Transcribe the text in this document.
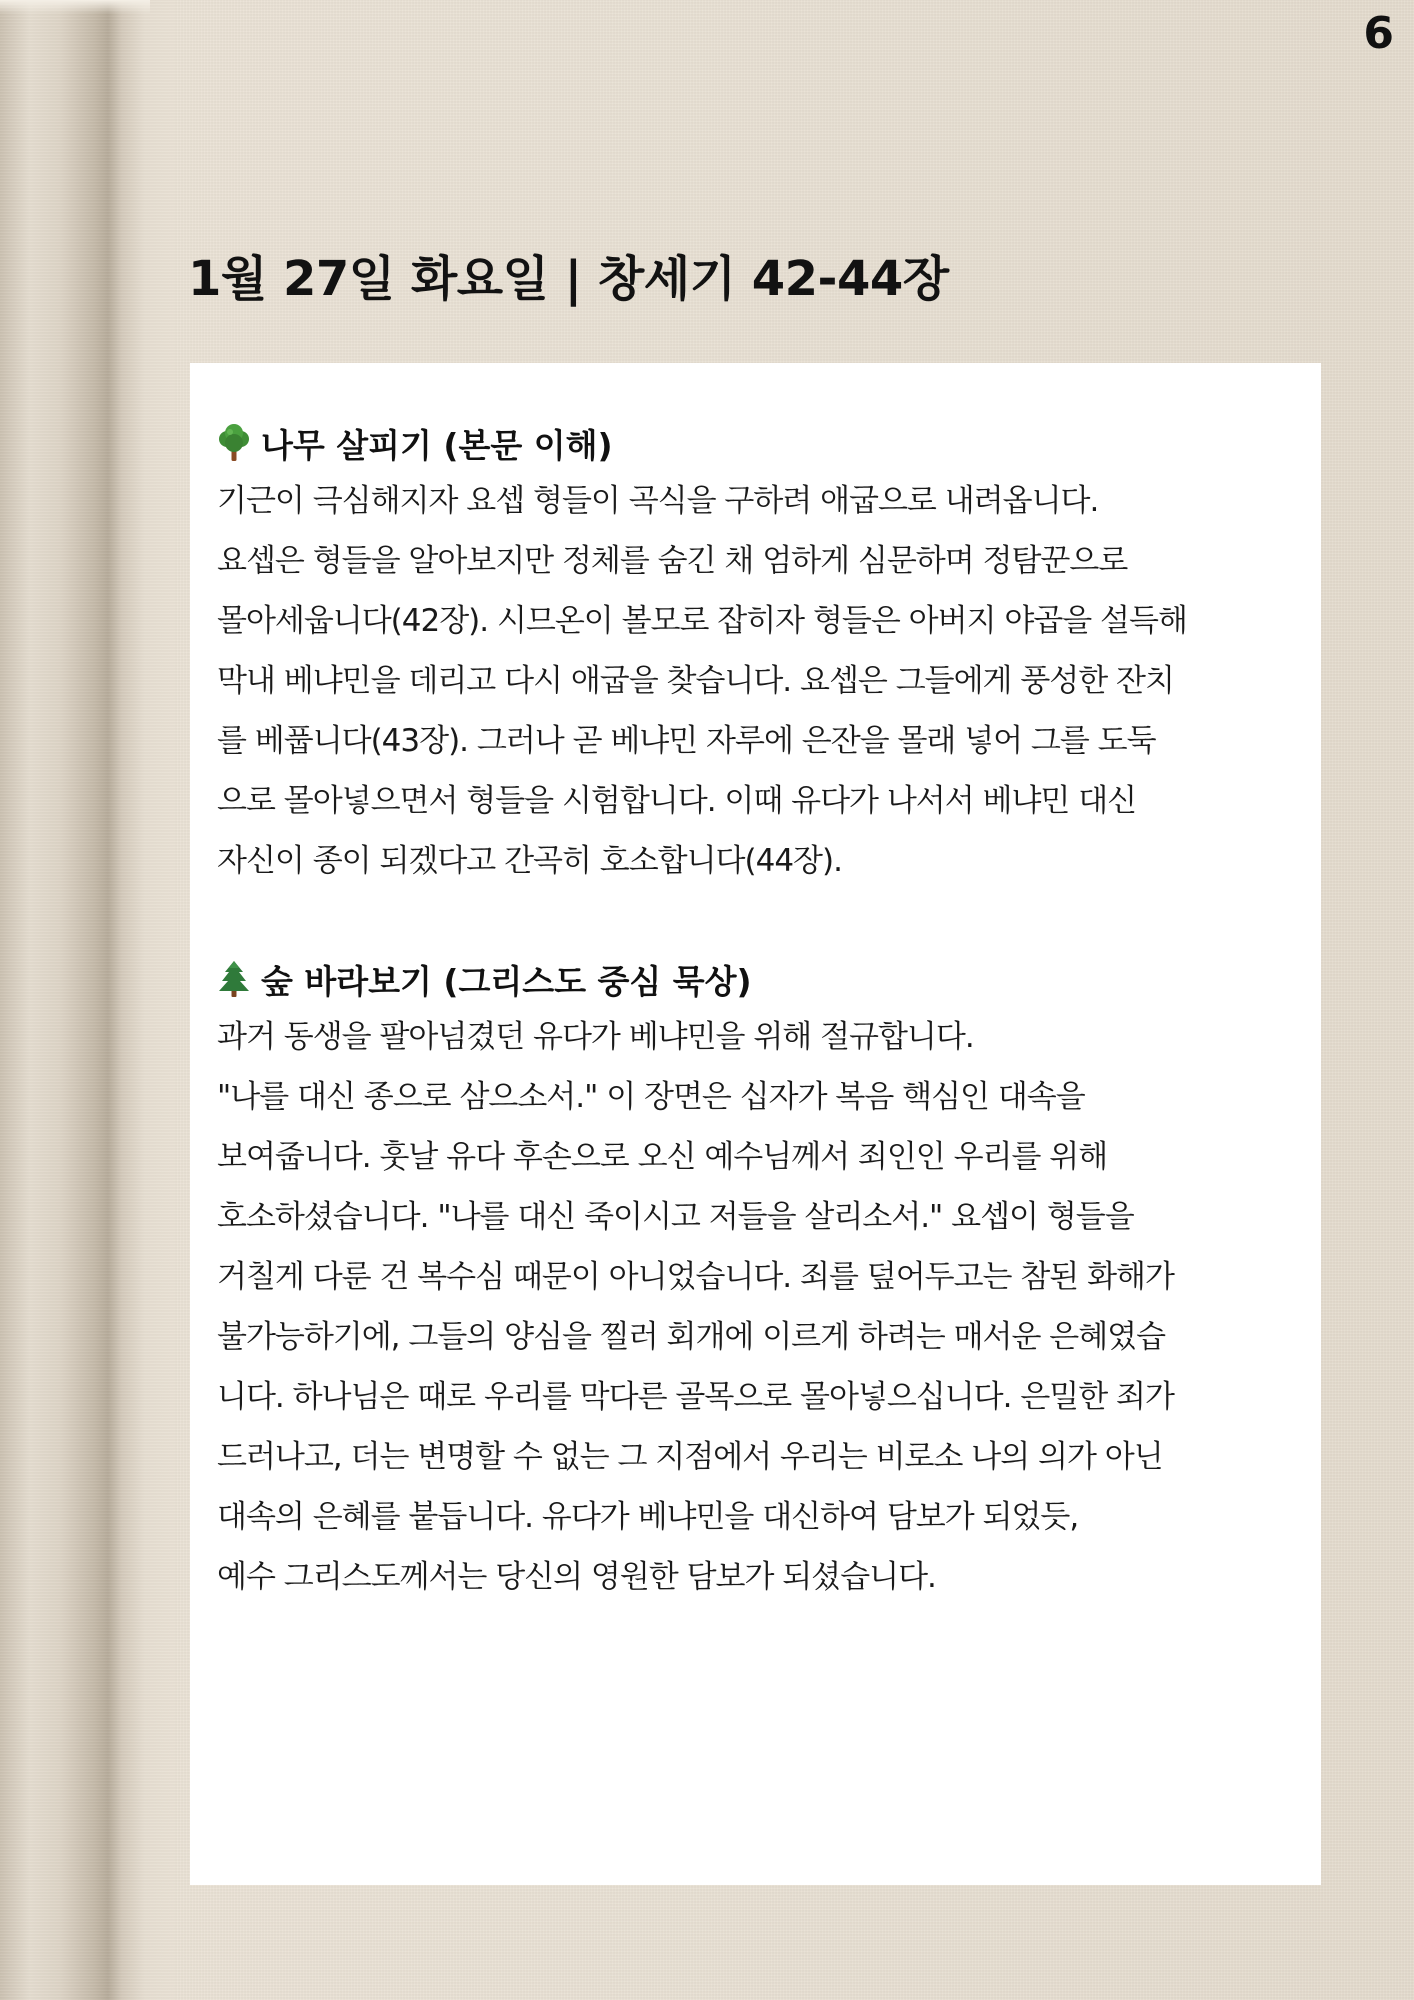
6
1월 27일 화요일 | 창세기 42-44장
나무 살피기 (본문 이해)
기근이 극심해지자 요셉 형들이 곡식을 구하려 애굽으로 내려옵니다.
요셉은 형들을 알아보지만 정체를 숨긴 채 엄하게 심문하며 정탐꾼으로
몰아세웁니다(42장). 시므온이 볼모로 잡히자 형들은 아버지 야곱을 설득해
막내 베냐민을 데리고 다시 애굽을 찾습니다. 요셉은 그들에게 풍성한 잔치
를 베풉니다(43장). 그러나 곧 베냐민 자루에 은잔을 몰래 넣어 그를 도둑
으로 몰아넣으면서 형들을 시험합니다. 이때 유다가 나서서 베냐민 대신
자신이 종이 되겠다고 간곡히 호소합니다(44장).
숲 바라보기 (그리스도 중심 묵상)
과거 동생을 팔아넘겼던 유다가 베냐민을 위해 절규합니다.
"나를 대신 종으로 삼으소서." 이 장면은 십자가 복음 핵심인 대속을
보여줍니다. 훗날 유다 후손으로 오신 예수님께서 죄인인 우리를 위해
호소하셨습니다. "나를 대신 죽이시고 저들을 살리소서." 요셉이 형들을
거칠게 다룬 건 복수심 때문이 아니었습니다. 죄를 덮어두고는 참된 화해가
불가능하기에, 그들의 양심을 찔러 회개에 이르게 하려는 매서운 은혜였습
니다. 하나님은 때로 우리를 막다른 골목으로 몰아넣으십니다. 은밀한 죄가
드러나고, 더는 변명할 수 없는 그 지점에서 우리는 비로소 나의 의가 아닌
대속의 은혜를 붙듭니다. 유다가 베냐민을 대신하여 담보가 되었듯,
예수 그리스도께서는 당신의 영원한 담보가 되셨습니다.
